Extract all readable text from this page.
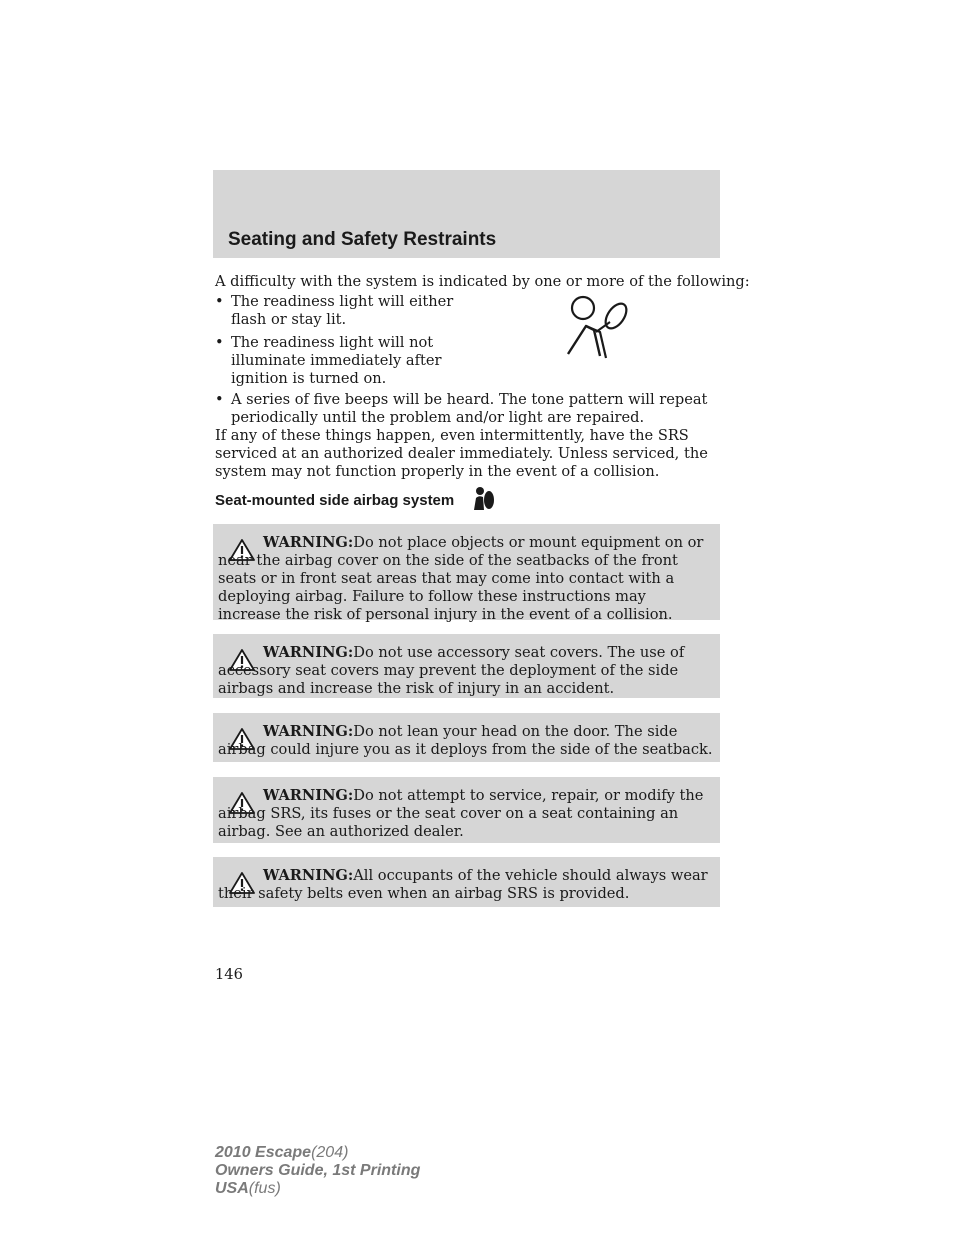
Seating and Safety Restraints
A difficulty with the system is indicated by one or more of the following:
• The readiness light will either flash or stay lit.
• The readiness light will not illuminate immediately after ignition is turned on.
• A series of five beeps will be heard. The tone pattern will repeat periodically until the problem and/or light are repaired.
If any of these things happen, even intermittently, have the SRS serviced at an authorized dealer immediately. Unless serviced, the system may not function properly in the event of a collision.
Seat-mounted side airbag system
WARNING:Do not place objects or mount equipment on or near the airbag cover on the side of the seatbacks of the front seats or in front seat areas that may come into contact with a deploying airbag. Failure to follow these instructions may increase the risk of personal injury in the event of a collision.
WARNING:Do not use accessory seat covers. The use of accessory seat covers may prevent the deployment of the side airbags and increase the risk of injury in an accident.
WARNING:Do not lean your head on the door. The side airbag could injure you as it deploys from the side of the seatback.
WARNING:Do not attempt to service, repair, or modify the airbag SRS, its fuses or the seat cover on a seat containing an airbag. See an authorized dealer.
WARNING:All occupants of the vehicle should always wear their safety belts even when an airbag SRS is provided.
146
2010 Escape(204)
Owners Guide, 1st Printing
USA(fus)
